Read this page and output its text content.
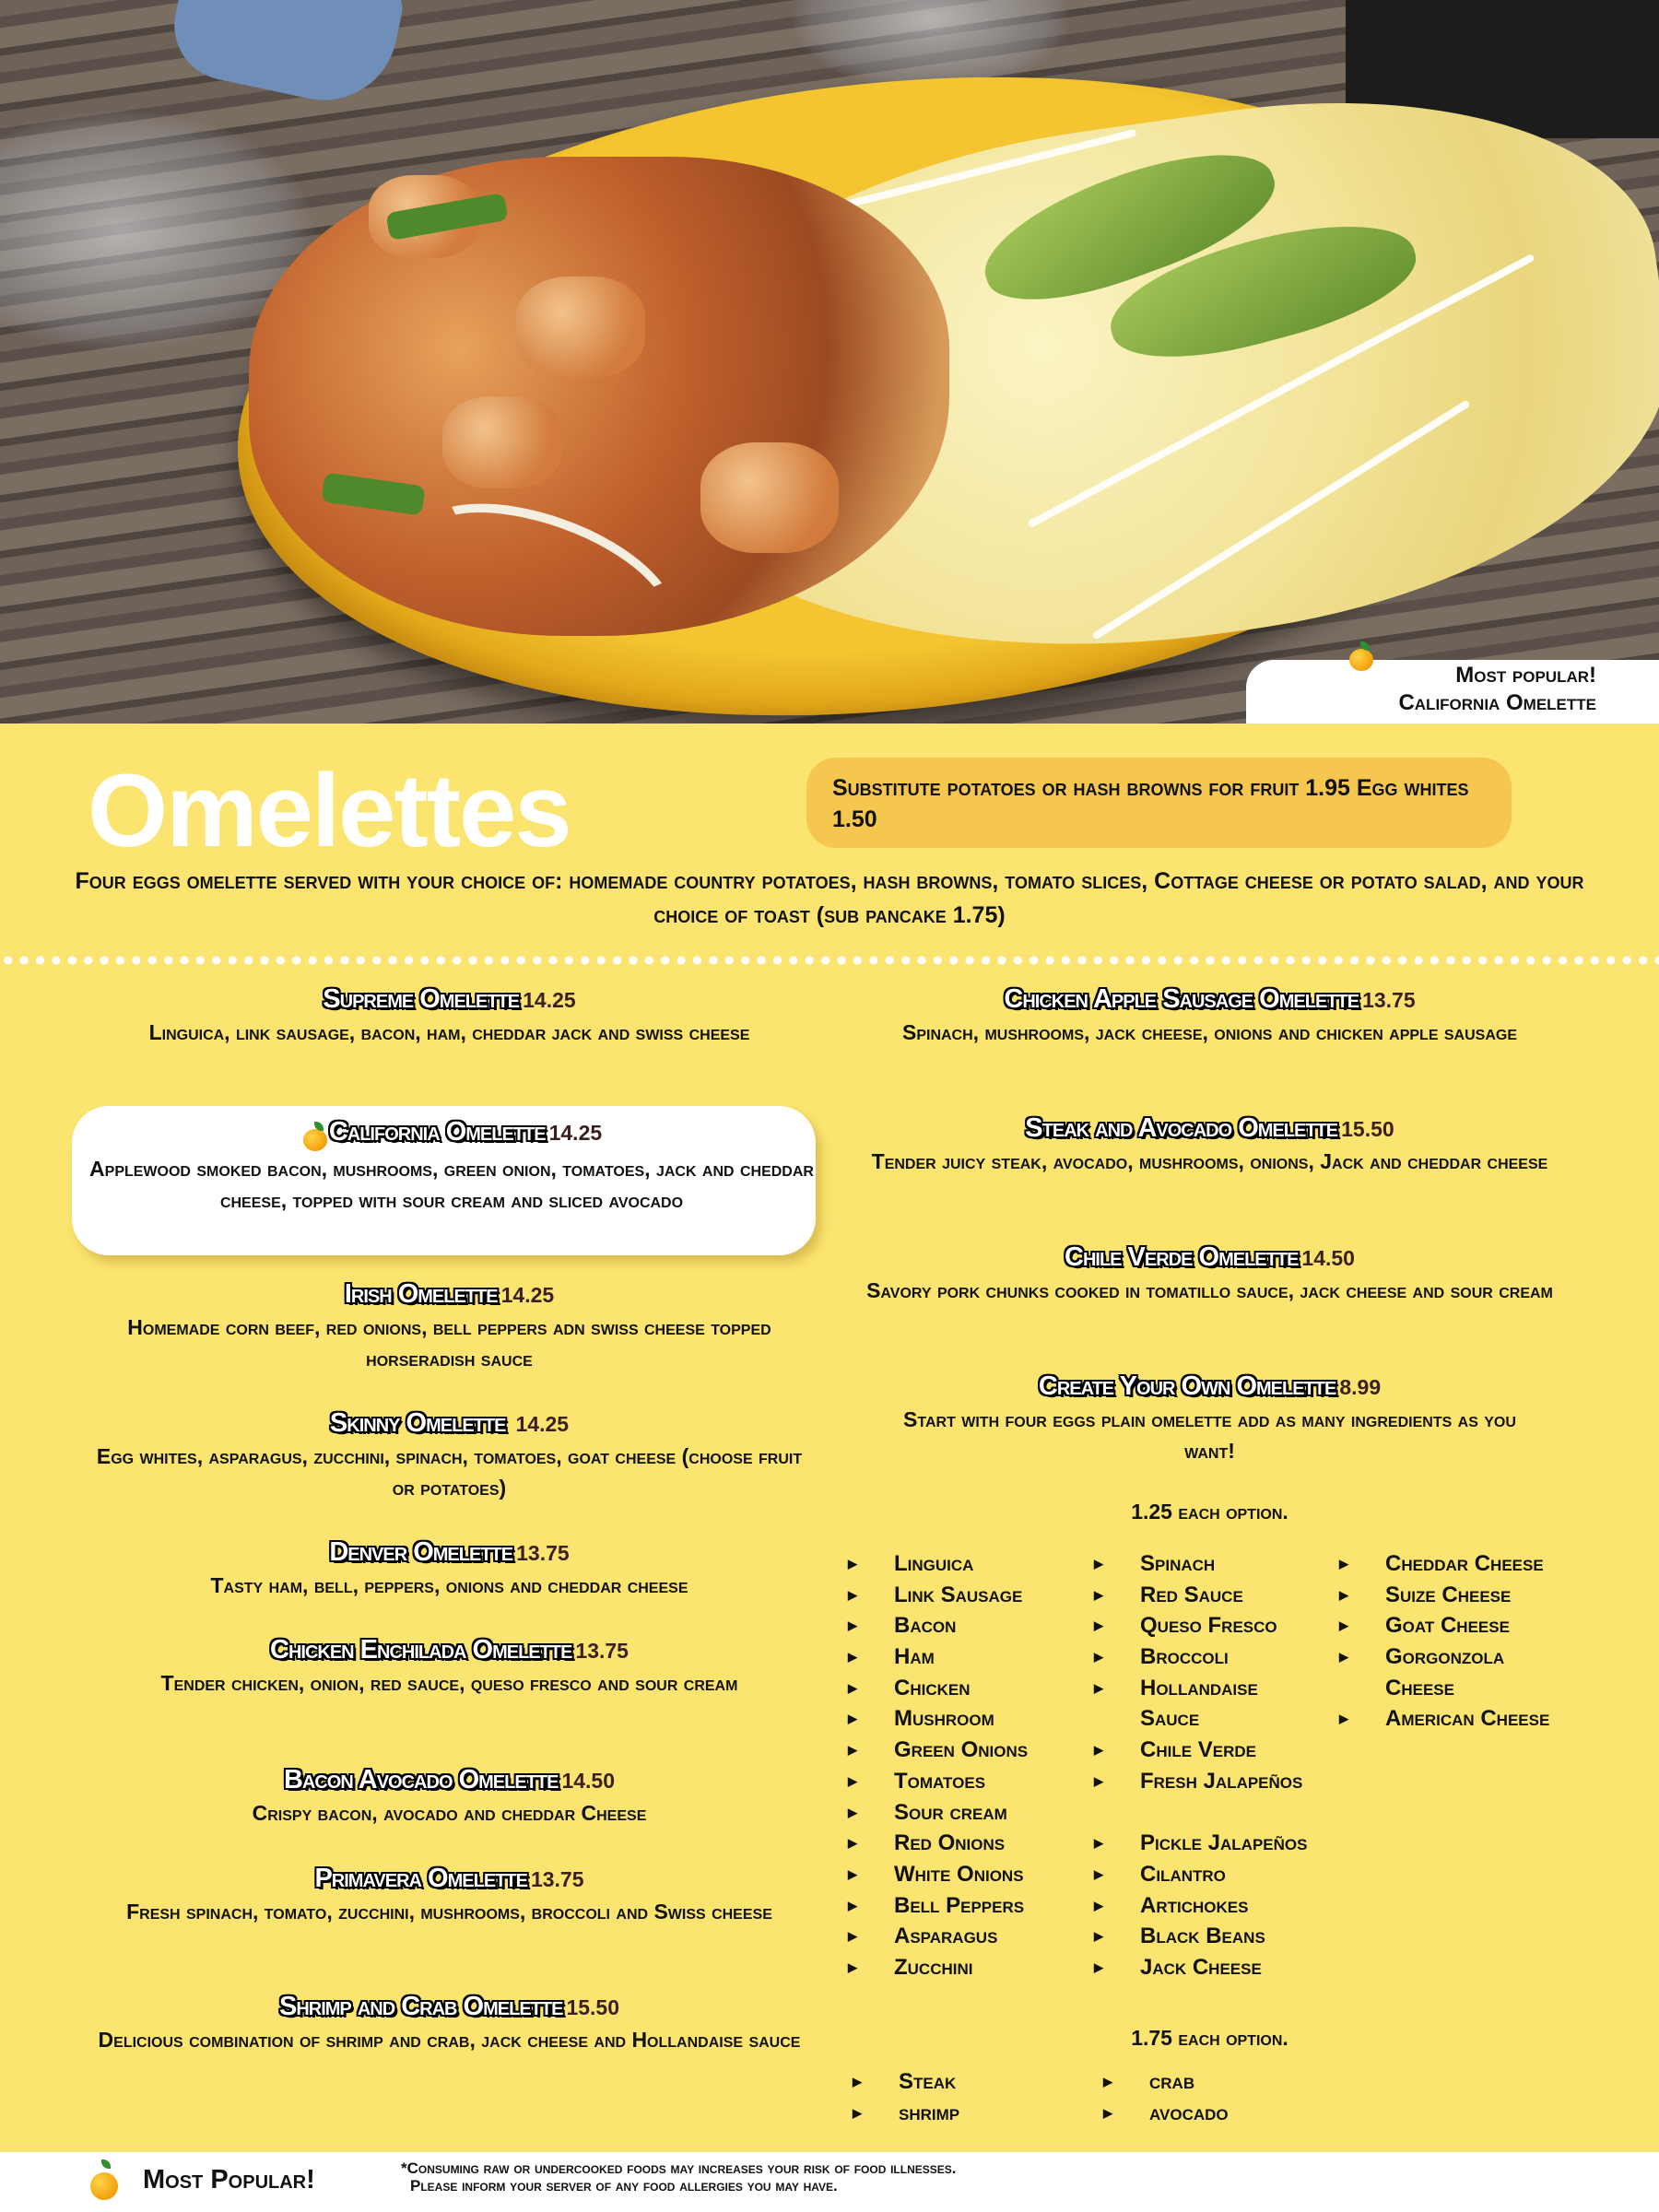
Most popular!
California Omelette
Omelettes	Substitute potatoes or hash browns for fruit 1.95 Egg whites 1.50
Four eggs omelette served with your choice of: homemade country potatoes, hash browns, tomato slices, Cottage cheese or potato salad, and your choice of toast (sub pancake 1.75)
Supreme Omelette 14.25
Linguica, link sausage, bacon, ham, cheddar jack and swiss cheese
California Omelette 14.25
Applewood smoked bacon, mushrooms, green onion, tomatoes, jack and cheddar cheese, topped with sour cream and sliced avocado
Irish Omelette 14.25
Homemade corn beef, red onions, bell peppers adn swiss cheese topped horseradish sauce
Skinny Omelette 14.25
Egg whites, asparagus, zucchini, spinach, tomatoes, goat cheese (choose fruit or potatoes)
Denver Omelette 13.75
Tasty ham, bell, peppers, onions and cheddar cheese
Chicken Enchilada Omelette 13.75
Tender chicken, onion, red sauce, queso fresco and sour cream
Bacon Avocado Omelette 14.50
Crispy bacon, avocado and cheddar Cheese
Primavera Omelette 13.75
Fresh spinach, tomato, zucchini, mushrooms, broccoli and Swiss cheese
Shrimp and Crab Omelette 15.50
Delicious combination of shrimp and crab, jack cheese and Hollandaise sauce
Chicken Apple Sausage Omelette 13.75
Spinach, mushrooms, jack cheese, onions and chicken apple sausage
Steak and Avocado Omelette 15.50
Tender juicy steak, avocado, mushrooms, onions, Jack and cheddar cheese
Chile Verde Omelette 14.50
Savory pork chunks cooked in tomatillo sauce, jack cheese and sour cream
Create Your Own Omelette 8.99
Start with four eggs plain omelette add as many ingredients as you want!
1.25 each option.
▶ Linguica
▶ Link Sausage
▶ Bacon
▶ Ham
▶ Chicken
▶ Mushroom
▶ Green Onions
▶ Tomatoes
▶ Sour cream
▶ Red Onions
▶ White Onions
▶ Bell Peppers
▶ Asparagus
▶ Zucchini
▶ Spinach
▶ Red Sauce
▶ Queso Fresco
▶ Broccoli
▶ Hollandaise Sauce
▶ Chile Verde
▶ Fresh Jalapeños
▶ Pickle Jalapeños
▶ Cilantro
▶ Artichokes
▶ Black Beans
▶ Jack Cheese
▶ Cheddar Cheese
▶ Suize Cheese
▶ Goat Cheese
▶ Gorgonzola Cheese
▶ American Cheese
1.75 each option.
▶ Steak
▶ shrimp
▶ crab
▶ avocado
Most Popular!	*Consuming raw or undercooked foods may increases your risk of food illnesses.
Please inform your server of any food allergies you may have.
